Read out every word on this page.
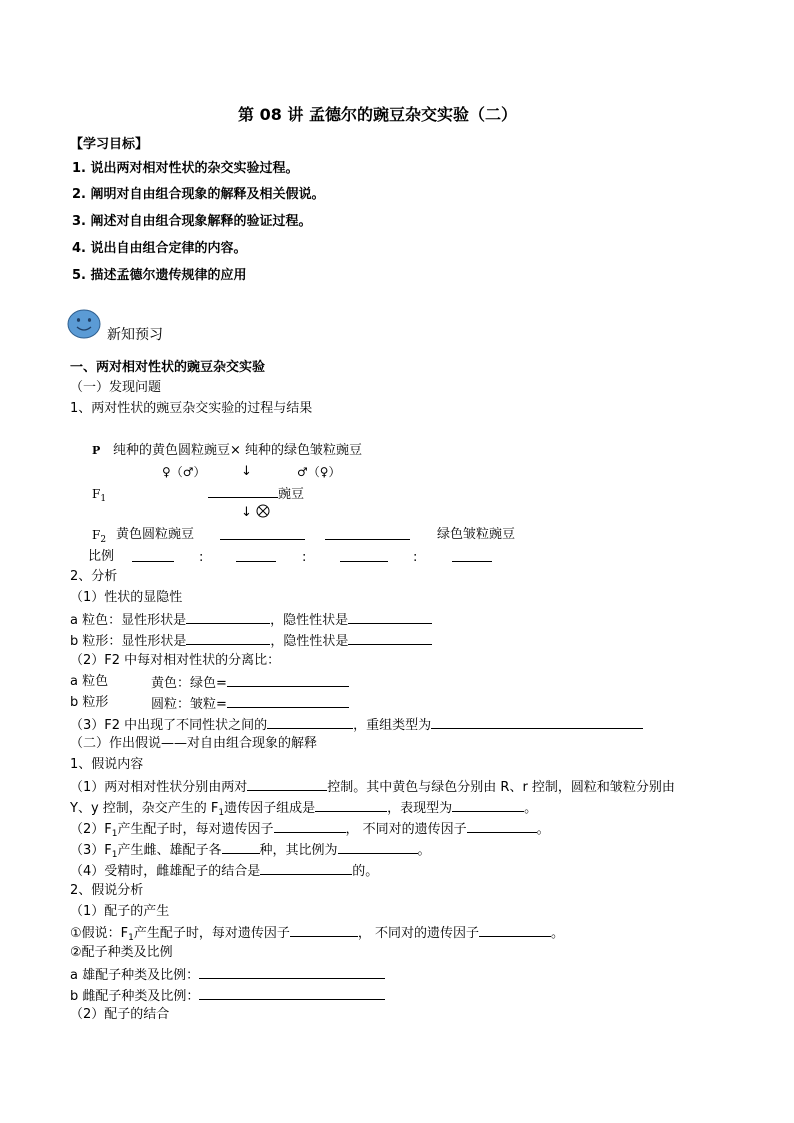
第 08 讲 孟德尔的豌豆杂交实验（二）
【学习目标】
1. 说出两对相对性状的杂交实验过程。
2. 阐明对自由组合现象的解释及相关假说。
3. 阐述对自由组合现象解释的验证过程。
4. 说出自由组合定律的内容。
5. 描述孟德尔遗传规律的应用
新知预习
一、两对相对性状的豌豆杂交实验
（一）发现问题
1、两对性状的豌豆杂交实验的过程与结果
P 纯种的黄色圆粒豌豆× 纯种的绿色皱粒豌豆
♀（♂）	↓	♂（♀）
$F_1$	豌豆
↓
$F_2$ 黄色圆粒豌豆	绿色皱粒豌豆
比例	:	:	:
2、分析
（1）性状的显隐性
a 粒色：显性形状是	，隐性性状是
b 粒形：显性形状是	，隐性性状是
（2）F2 中每对相对性状的分离比：
a 粒色	黄色：绿色=
b 粒形	圆粒：皱粒=
（3）F2 中出现了不同性状之间的	，重组类型为
（二）作出假说——对自由组合现象的解释
1、假说内容
（1）两对相对性状分别由两对	控制。其中黄色与绿色分别由 R、r 控制，圆粒和皱粒分别由
Y、y 控制，杂交产生的 $F_1$遗传因子组成是	，表现型为	。
$(2)F_1$产生配子时，每对遗传因子	， 不同对的遗传因子	。
$(3)F_1$产生雌、雄配子各	种，其比例为	。
（4）受精时，雌雄配子的结合是	的。
2、假说分析
（1）配子的产生
①假说：$F_1$产生配子时，每对遗传因子	， 不同对的遗传因子	。
②配子种类及比例
a 雄配子种类及比例：
b 雌配子种类及比例：
（2）配子的结合
